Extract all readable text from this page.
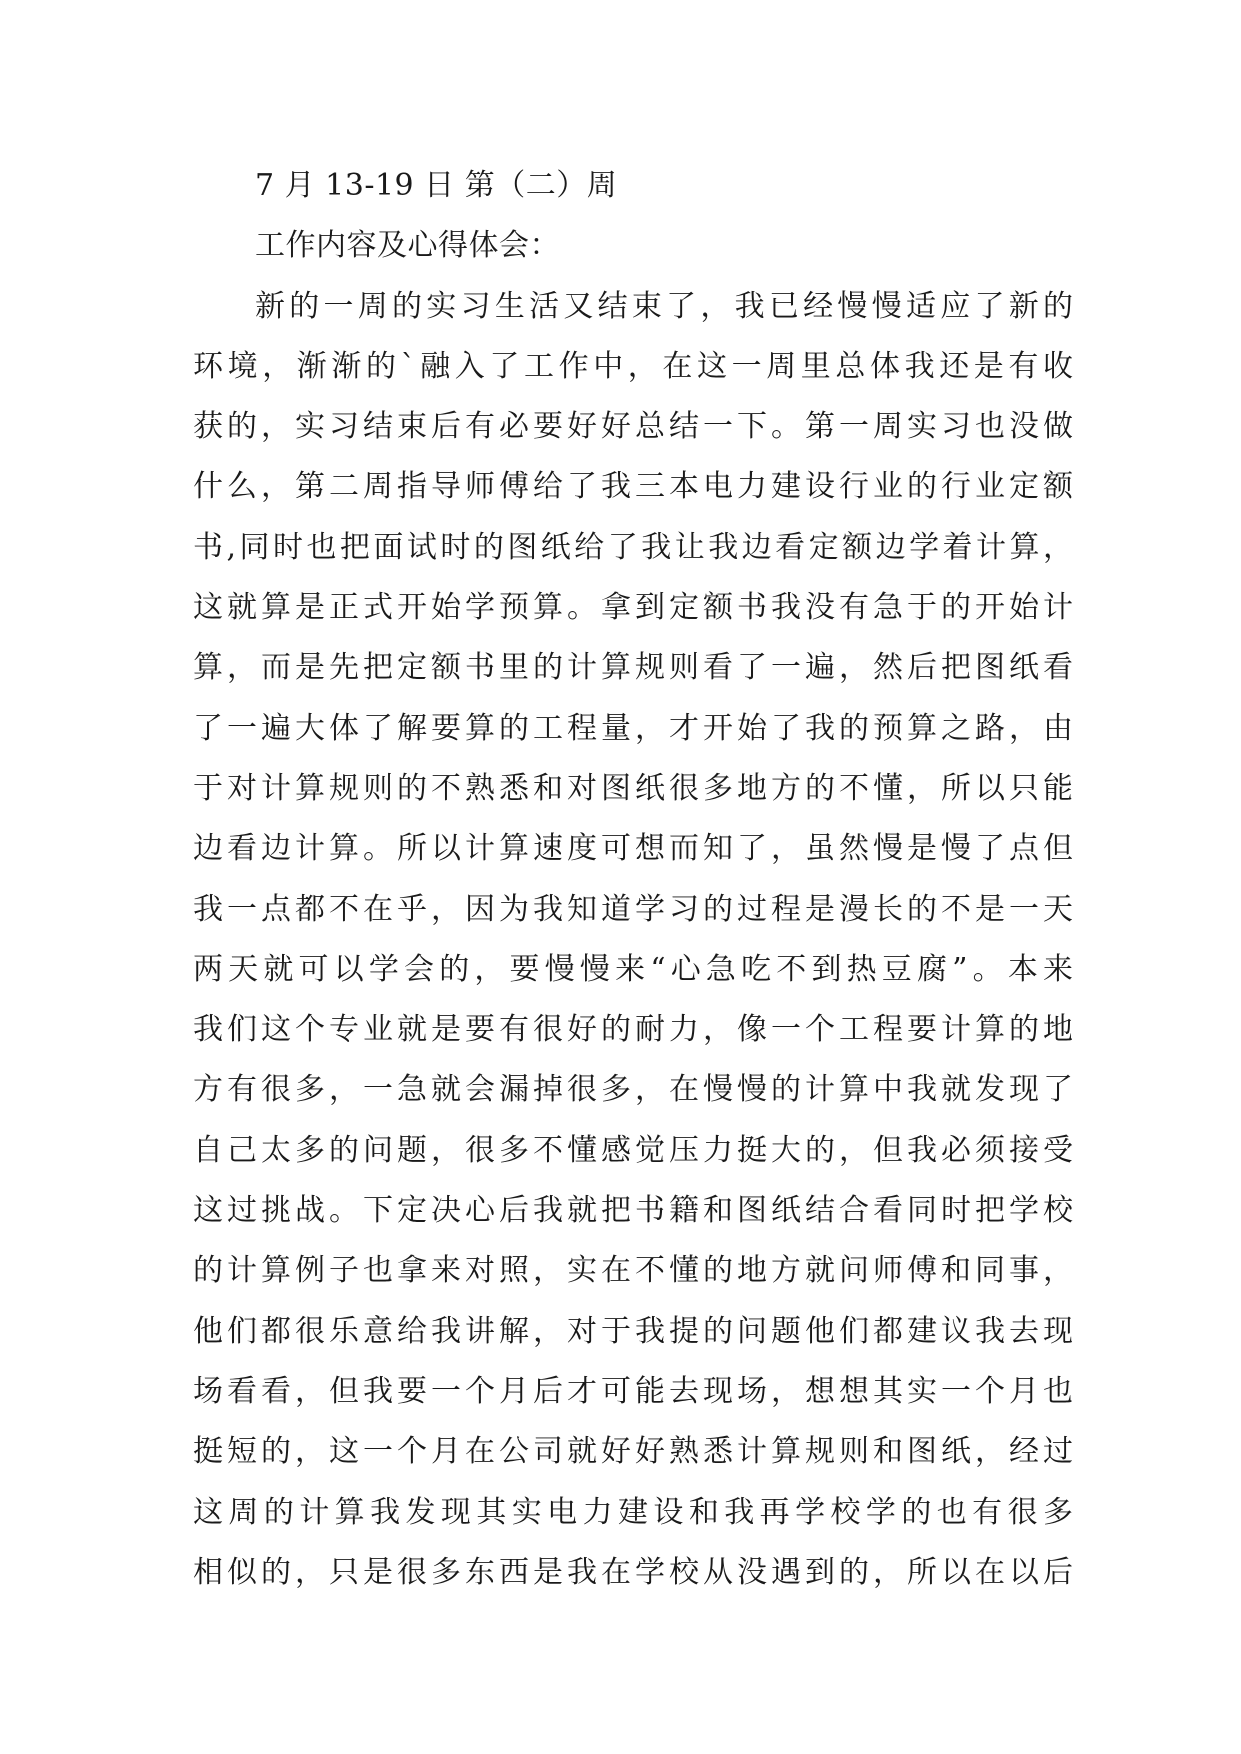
7 月 13-19 日 第（二）周
工作内容及心得体会：
新的一周的实习生活又结束了，我已经慢慢适应了新的
环境，渐渐的`融入了工作中，在这一周里总体我还是有收
获的，实习结束后有必要好好总结一下。第一周实习也没做
什么，第二周指导师傅给了我三本电力建设行业的行业定额
书,同时也把面试时的图纸给了我让我边看定额边学着计算，
这就算是正式开始学预算。拿到定额书我没有急于的开始计
算，而是先把定额书里的计算规则看了一遍，然后把图纸看
了一遍大体了解要算的工程量，才开始了我的预算之路，由
于对计算规则的不熟悉和对图纸很多地方的不懂，所以只能
边看边计算。所以计算速度可想而知了，虽然慢是慢了点但
我一点都不在乎，因为我知道学习的过程是漫长的不是一天
两天就可以学会的，要慢慢来“心急吃不到热豆腐”。本来
我们这个专业就是要有很好的耐力，像一个工程要计算的地
方有很多，一急就会漏掉很多，在慢慢的计算中我就发现了
自己太多的问题，很多不懂感觉压力挺大的，但我必须接受
这过挑战。下定决心后我就把书籍和图纸结合看同时把学校
的计算例子也拿来对照，实在不懂的地方就问师傅和同事，
他们都很乐意给我讲解，对于我提的问题他们都建议我去现
场看看，但我要一个月后才可能去现场，想想其实一个月也
挺短的，这一个月在公司就好好熟悉计算规则和图纸，经过
这周的计算我发现其实电力建设和我再学校学的也有很多
相似的，只是很多东西是我在学校从没遇到的，所以在以后
